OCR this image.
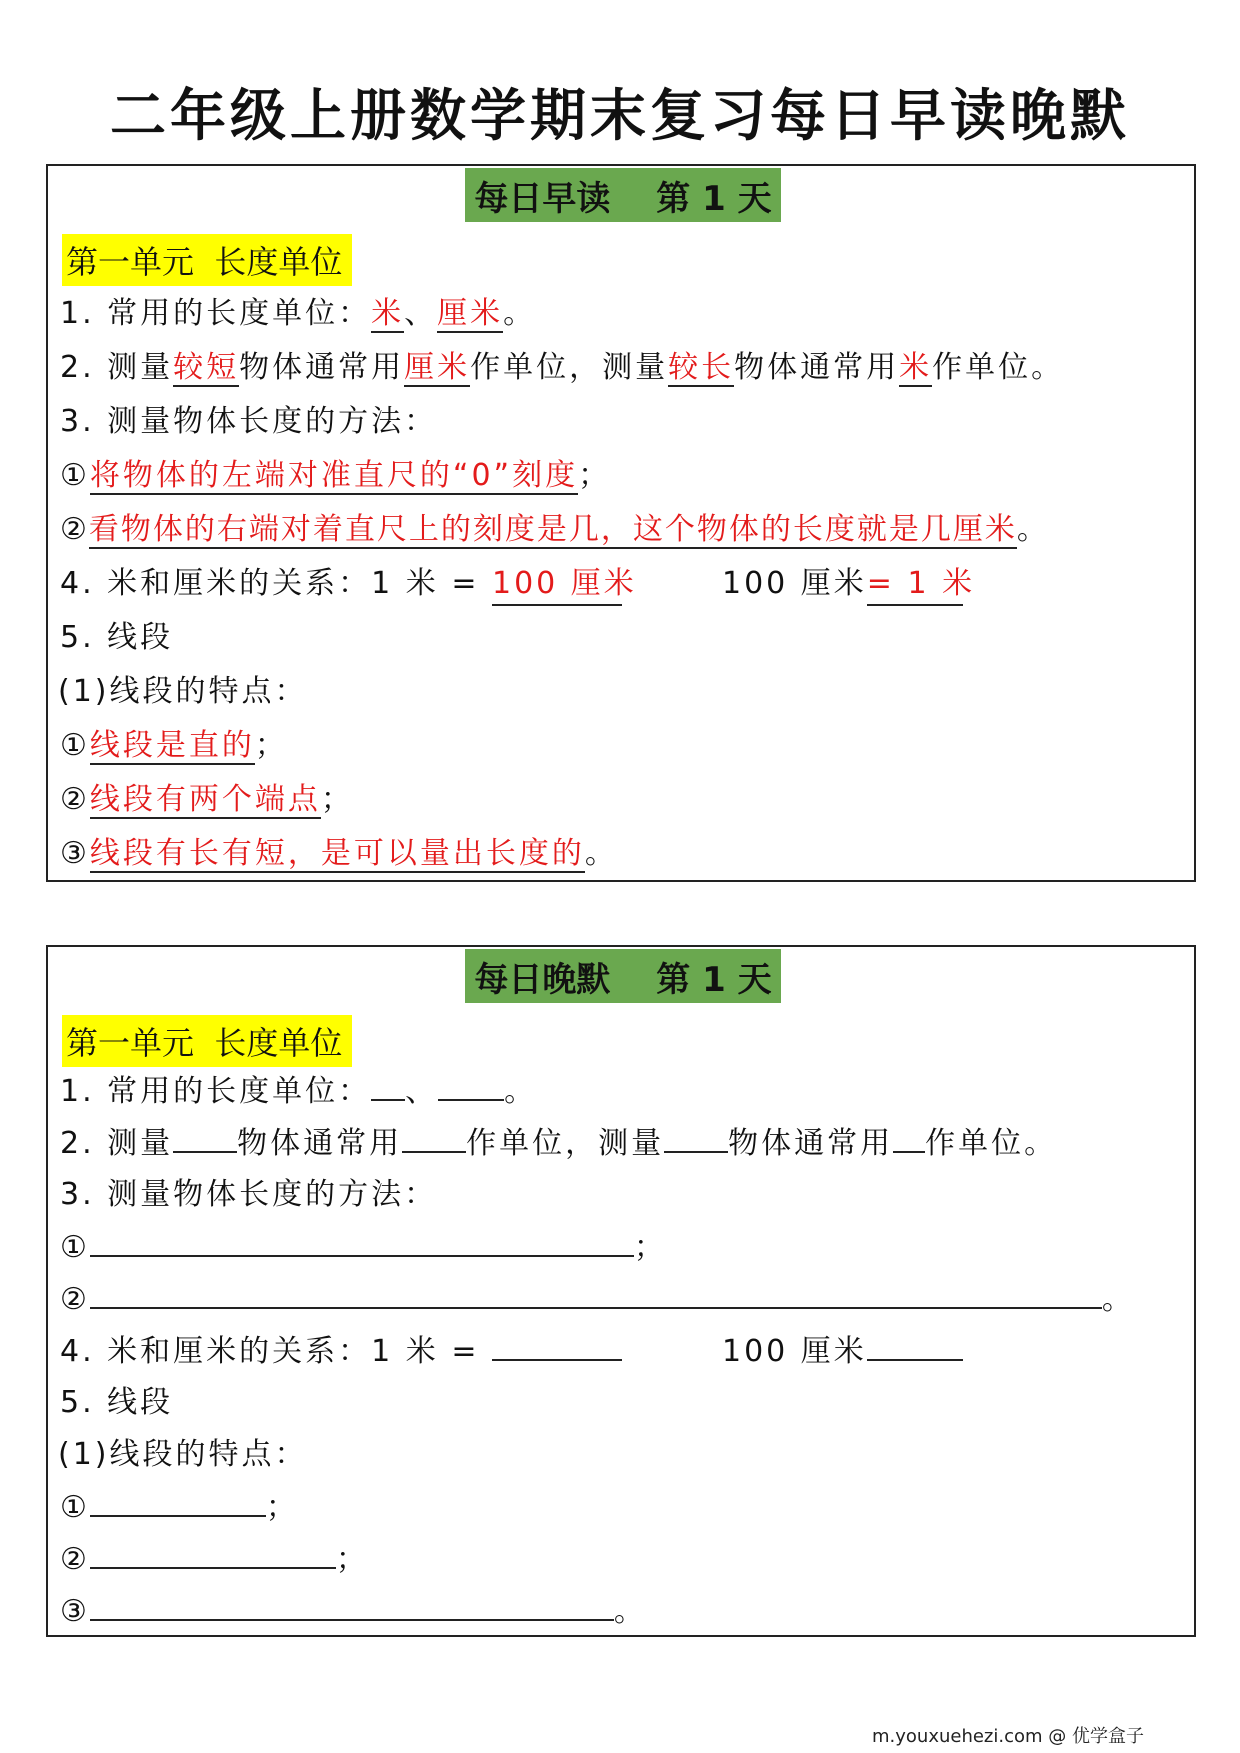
二年级上册数学期末复习每日早读晚默
每日早读　 第 1 天
第一单元  长度单位
1. 常用的长度单位：米、厘米。
2. 测量较短物体通常用厘米作单位，测量较长物体通常用米作单位。
3. 测量物体长度的方法：
①将物体的左端对准直尺的“0”刻度；
②看物体的右端对着直尺上的刻度是几，这个物体的长度就是几厘米。
4. 米和厘米的关系：1 米 = 100 厘米	100 厘米= 1 米
5. 线段
(1)线段的特点：
①线段是直的；
②线段有两个端点；
③线段有长有短，是可以量出长度的。
每日晚默　 第 1 天
第一单元  长度单位
1. 常用的长度单位： 、 。
2. 测量 物体通常用 作单位，测量 物体通常用 作单位。
3. 测量物体长度的方法：
①	；
②	。
4. 米和厘米的关系：1 米 =	100 厘米
5. 线段
(1)线段的特点：
①	；
②	；
③	。
m.youxuehezi.com @ 优学盒子
